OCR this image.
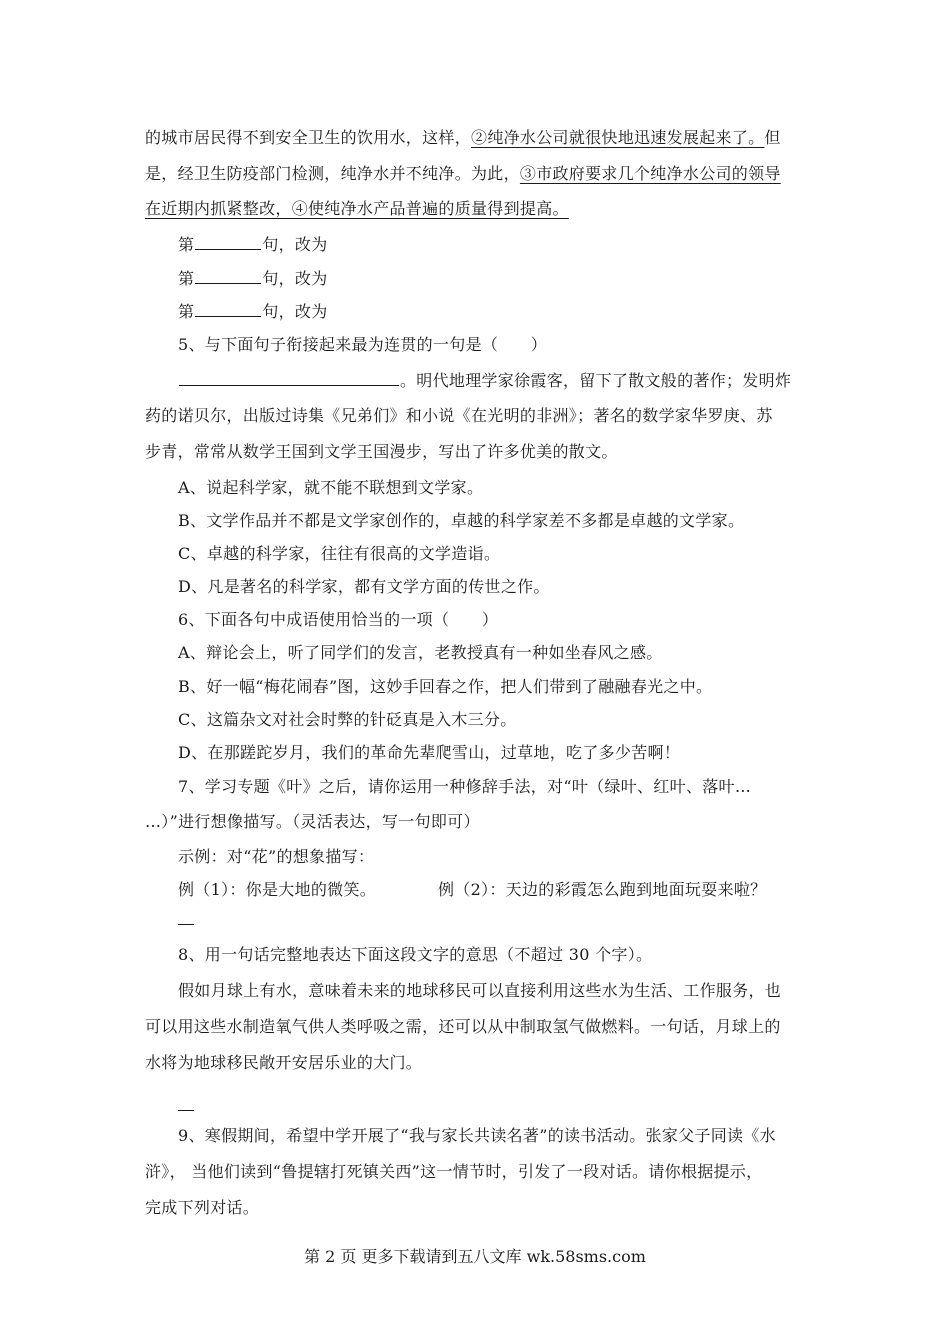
的城市居民得不到安全卫生的饮用水，这样，②纯净水公司就很快地迅速发展起来了。但
是，经卫生防疫部门检测，纯净水并不纯净。为此，③市政府要求几个纯净水公司的领导
在近期内抓紧整改，④使纯净水产品普遍的质量得到提高。
第	句，改为
第	句，改为
第	句，改为
5、与下面句子衔接起来最为连贯的一句是（　　）
。明代地理学家徐霞客，留下了散文般的著作；发明炸
药的诺贝尔，出版过诗集《兄弟们》和小说《在光明的非洲》；著名的数学家华罗庚、苏
步青，常常从数学王国到文学王国漫步，写出了许多优美的散文。
A、说起科学家，就不能不联想到文学家。
B、文学作品并不都是文学家创作的，卓越的科学家差不多都是卓越的文学家。
C、卓越的科学家，往往有很高的文学造诣。
D、凡是著名的科学家，都有文学方面的传世之作。
6、下面各句中成语使用恰当的一项（　　）
A、辩论会上，听了同学们的发言，老教授真有一种如坐春风之感。
B、好一幅“梅花闹春”图，这妙手回春之作，把人们带到了融融春光之中。
C、这篇杂文对社会时弊的针砭真是入木三分。
D、在那蹉跎岁月，我们的革命先辈爬雪山，过草地，吃了多少苦啊！
7、学习专题《叶》之后，请你运用一种修辞手法，对“叶（绿叶、红叶、落叶…
…）”进行想像描写。（灵活表达，写一句即可）
示例：对“花”的想象描写：
例（1）：你是大地的微笑。	例（2）：天边的彩霞怎么跑到地面玩耍来啦？
8、用一句话完整地表达下面这段文字的意思（不超过 30 个字）。
假如月球上有水，意味着未来的地球移民可以直接利用这些水为生活、工作服务，也
可以用这些水制造氧气供人类呼吸之需，还可以从中制取氢气做燃料。一句话，月球上的
水将为地球移民敞开安居乐业的大门。
9、寒假期间，希望中学开展了“我与家长共读名著”的读书活动。张家父子同读《水
浒》， 当他们读到“鲁提辖打死镇关西”这一情节时，引发了一段对话。请你根据提示，
完成下列对话。
第 2 页 更多下载请到五八文库 wk.58sms.com
